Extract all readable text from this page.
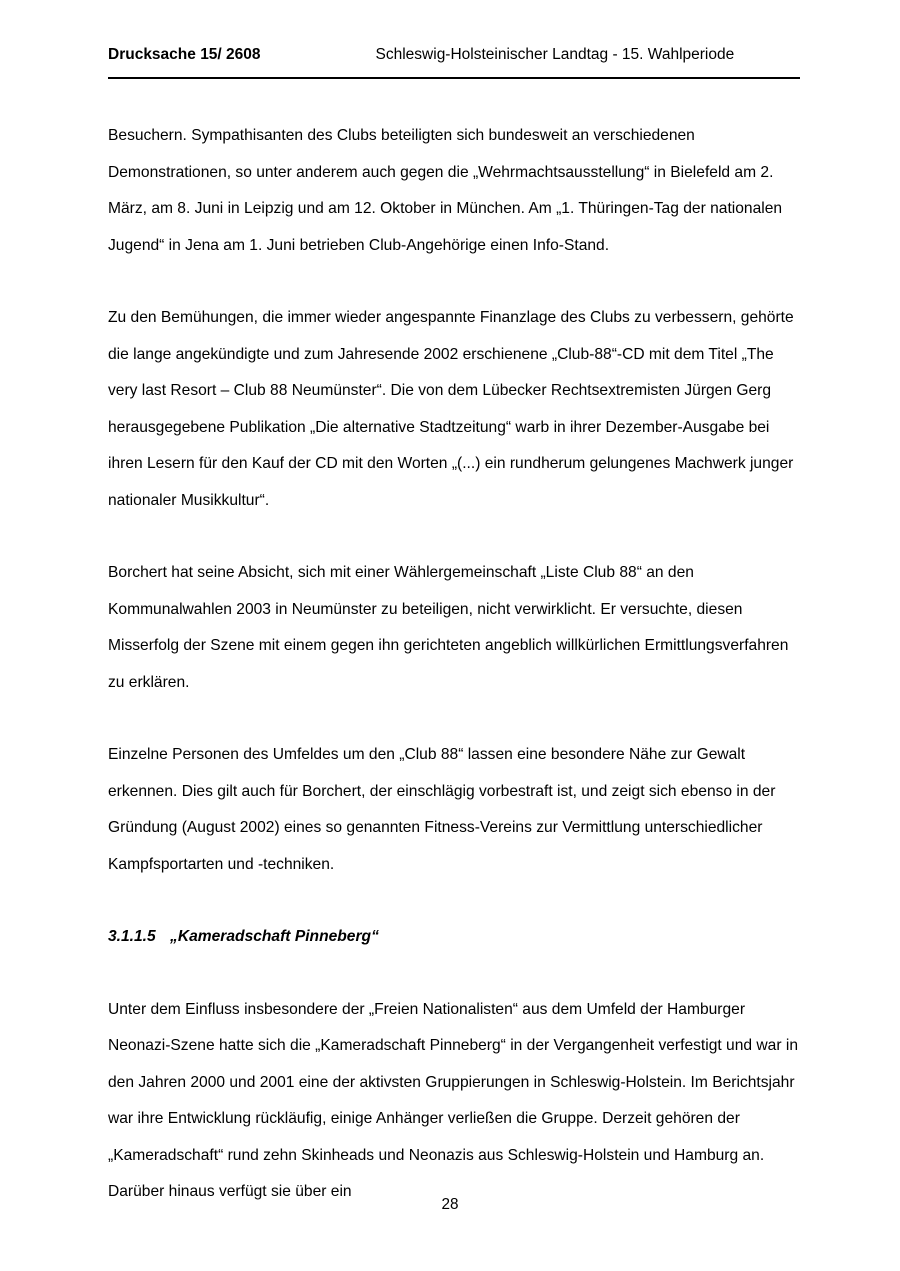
Drucksache 15/ 2608	Schleswig-Holsteinischer Landtag - 15. Wahlperiode

Besuchern. Sympathisanten des Clubs beteiligten sich bundesweit an verschiedenen Demonstrationen, so unter anderem auch gegen die „Wehrmachtsausstellung“ in Bielefeld am 2. März, am 8. Juni in Leipzig und am 12. Oktober in München. Am „1. Thüringen-Tag der nationalen Jugend“ in Jena am 1. Juni betrieben Club-Angehörige einen Info-Stand.

Zu den Bemühungen, die immer wieder angespannte Finanzlage des Clubs zu verbessern, gehörte die lange angekündigte und zum Jahresende 2002 erschienene „Club-88“-CD mit dem Titel „The very last Resort – Club 88 Neumünster“. Die von dem Lübecker Rechtsextremisten Jürgen Gerg herausgegebene Publikation „Die alternative Stadtzeitung“ warb in ihrer Dezember-Ausgabe bei ihren Lesern für den Kauf der CD mit den Worten „(...) ein rundherum gelungenes Machwerk junger nationaler Musikkultur“.

Borchert hat seine Absicht, sich mit einer Wählergemeinschaft „Liste Club 88“ an den Kommunalwahlen 2003 in Neumünster zu beteiligen, nicht verwirklicht. Er versuchte, diesen Misserfolg der Szene mit einem gegen ihn gerichteten angeblich willkürlichen Ermittlungsverfahren zu erklären.

Einzelne Personen des Umfeldes um den „Club 88“ lassen eine besondere Nähe zur Gewalt erkennen. Dies gilt auch für Borchert, der einschlägig vorbestraft ist, und zeigt sich ebenso in der Gründung (August 2002) eines so genannten Fitness-Vereins zur Vermittlung unterschiedlicher Kampfsportarten und -techniken.

3.1.1.5 „Kameradschaft Pinneberg“

Unter dem Einfluss insbesondere der „Freien Nationalisten“ aus dem Umfeld der Hamburger Neonazi-Szene hatte sich die „Kameradschaft Pinneberg“ in der Vergangenheit verfestigt und war in den Jahren 2000 und 2001 eine der aktivsten Gruppierungen in Schleswig-Holstein. Im Berichtsjahr war ihre Entwicklung rückläufig, einige Anhänger verließen die Gruppe. Derzeit gehören der „Kameradschaft“ rund zehn Skinheads und Neonazis aus Schleswig-Holstein und Hamburg an. Darüber hinaus verfügt sie über ein

28
